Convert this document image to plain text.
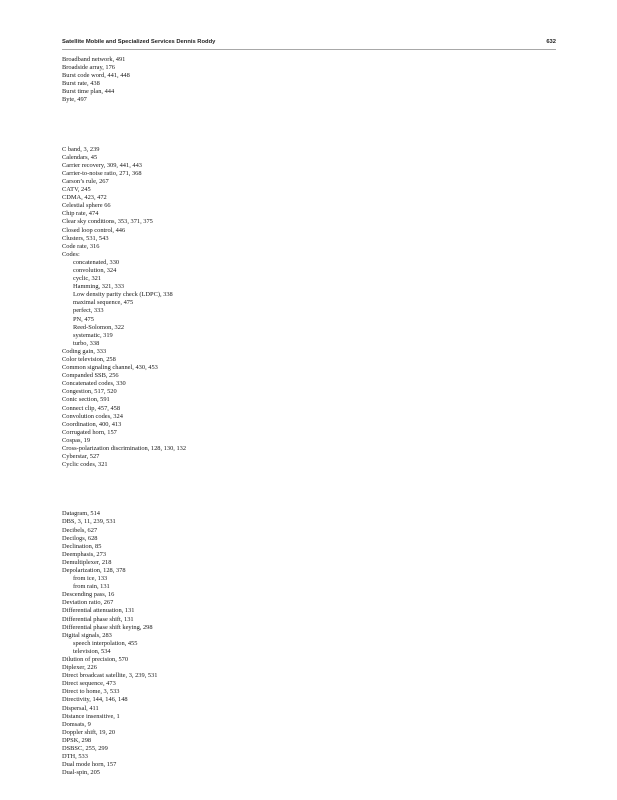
Satellite Mobile and Specialized Services Dennis Roddy	632
Broadband network, 491
Broadside array, 176
Burst code word, 441, 448
Burst rate, 438
Burst time plan, 444
Byte, 497
C band, 3, 239
Calendars, 45
Carrier recovery, 309, 441, 443
Carrier-to-noise ratio, 271, 368
Carson’s rule, 267
CATV, 245
CDMA, 423, 472
Celestial sphere 66
Chip rate, 474
Clear sky conditions, 353, 371, 375
Closed loop control, 446
Clusters, 531, 543
Code rate, 316
Codes:
concatenated, 330
convolution, 324
cyclic, 321
Hamming, 321, 333
Low density parity check (LDPC), 338
maximal sequence, 475
perfect, 333
PN, 475
Reed-Solomon, 322
systematic, 319
turbo, 338
Coding gain, 333
Color television, 258
Common signaling channel, 430, 453
Companded SSB, 256
Concatenated codes, 330
Congestion, 517, 520
Conic section, 591
Connect clip, 457, 458
Convolution codes, 324
Coordination, 400, 413
Corrugated horn, 157
Cospas, 19
Cross-polarization discrimination, 128, 130, 132
Cyberstar, 527
Cyclic codes, 321
Datagram, 514
DBS, 3, 11, 239, 531
Decibels, 627
Decilogs, 628
Declination, 85
Deemphasis, 273
Demultiplexer, 218
Depolarization, 128, 378
from ice, 133
from rain, 131
Descending pass, 16
Deviation ratio, 267
Differential attenuation, 131
Differential phase shift, 131
Differential phase shift keying, 298
Digital signals, 283
speech interpolation, 455
television, 534
Dilution of precision, 570
Diplexer, 226
Direct broadcast satellite, 3, 239, 531
Direct sequence, 473
Direct to home, 3, 533
Directivity, 144, 146, 148
Dispersal, 411
Distance insensitive, 1
Domsats, 9
Doppler shift, 19, 20
DPSK, 298
DSBSC, 255, 299
DTH, 533
Dual mode horn, 157
Dual-spin, 205
